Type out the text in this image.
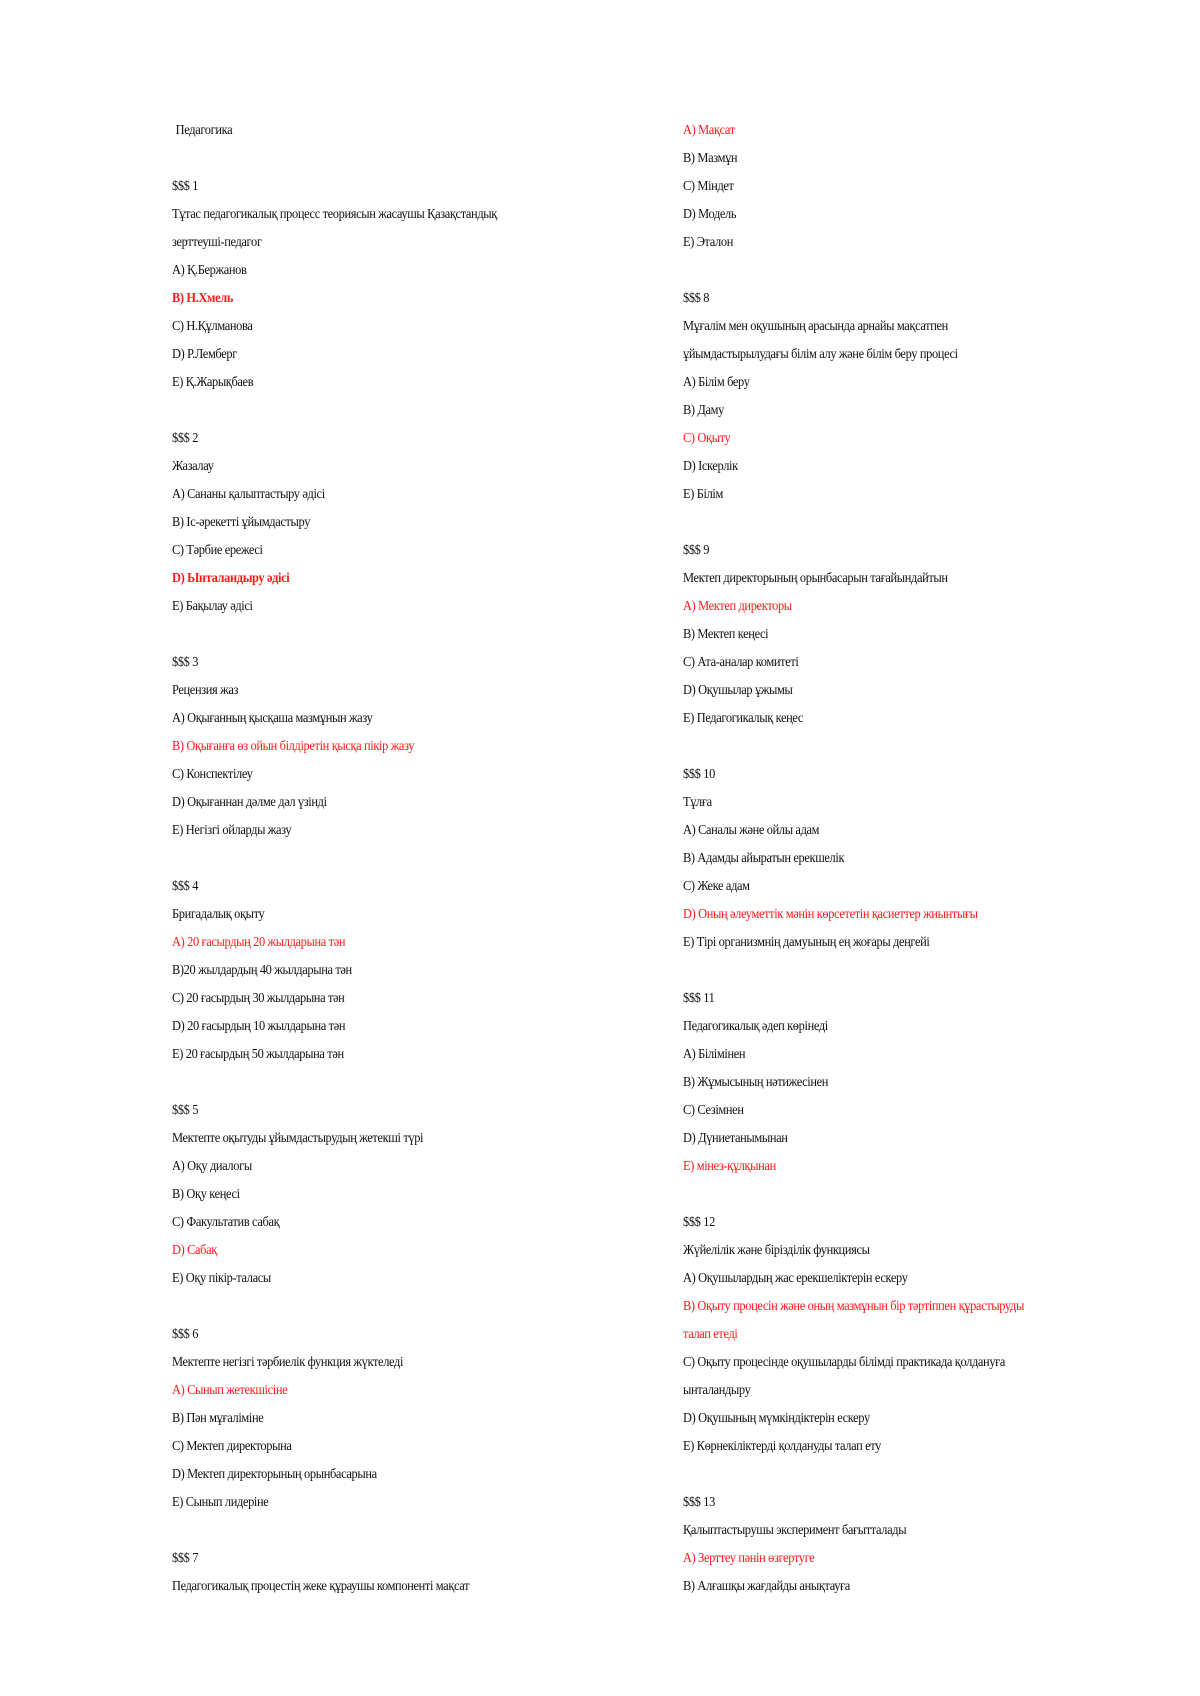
Педагогика
$$$ 1
Тұтас педагогикалық процесс теориясын жасаушы Қазақстандық
зерттеуші-педагог
A) Қ.Бержанов
B) Н.Хмель
C) Н.Құлманова
D) Р.Лемберг
E) Қ.Жарықбаев
$$$ 2
Жазалау
A) Сананы қалыптастыру әдісі
B) Іс-әрекетті ұйымдастыру
C) Тәрбие ережесі
D) Ынталандыру әдісі
E) Бақылау әдісі
$$$ 3
Рецензия жаз
A) Оқығанның қысқаша мазмұнын жазу
B) Оқығанға өз ойын білдіретін қысқа пікір жазу
C) Конспектілеу
D) Оқығаннан дәлме дәл үзінді
E) Негізгі ойларды жазу
$$$ 4
Бригадалық оқыту
A) 20 ғасырдың 20 жылдарына тән
B)20 жылдардың 40 жылдарына тән
C) 20 ғасырдың 30 жылдарына тән
D) 20 ғасырдың 10 жылдарына тән
E) 20 ғасырдың 50 жылдарына тән
$$$ 5
Мектепте оқытуды ұйымдастырудың жетекші түрі
A) Оқу диалогы
B) Оқу кеңесі
C) Факультатив сабақ
D) Сабақ
E) Оқу пікір-таласы
$$$ 6
Мектепте негізгі тәрбиелік функция жүктеледі
A) Сынып жетекшісіне
B) Пән мұғаліміне
C) Мектеп директорына
D) Мектеп директорының орынбасарына
E) Сынып лидеріне
$$$ 7
Педагогикалық процестің жеке құраушы компоненті мақсат
A) Мақсат
B) Мазмұн
C) Міндет
D) Модель
E) Эталон
$$$ 8
Мұғалім мен оқушының арасында арнайы мақсатпен
ұйымдастырылудағы білім алу және білім беру процесі
A) Білім беру
B) Даму
C) Оқыту
D) Іскерлік
E) Білім
$$$ 9
Мектеп директорының орынбасарын тағайындайтын
A) Мектеп директоры
B) Мектеп кеңесі
C) Ата-аналар комитеті
D) Оқушылар ұжымы
E) Педагогикалық кеңес
$$$ 10
Тұлға
A) Саналы және ойлы адам
B) Адамды айыратын ерекшелік
C) Жеке адам
D) Оның әлеуметтік мәнін көрсететін қасиеттер жиынтығы
E) Тірі организмнің дамуының ең жоғары деңгейі
$$$ 11
Педагогикалық әдеп көрінеді
A) Білімінен
B) Жұмысының нәтижесінен
C) Сезімнен
D) Дүниетанымынан
E) мінез-құлқынан
$$$ 12
Жүйелілік және бірізділік функциясы
A) Оқушылардың жас ерекшеліктерін ескеру
B) Оқыту процесін және оның мазмұнын бір тәртіппен құрастыруды
талап етеді
C) Оқыту процесінде оқушыларды білімді практикада қолдануға
ынталандыру
D) Оқушының мүмкіндіктерін ескеру
E) Көрнекіліктерді қолдануды талап ету
$$$ 13
Қалыптастырушы эксперимент бағытталады
A) Зерттеу пәнін өзгертуге
B) Алғашқы жағдайды анықтауға
